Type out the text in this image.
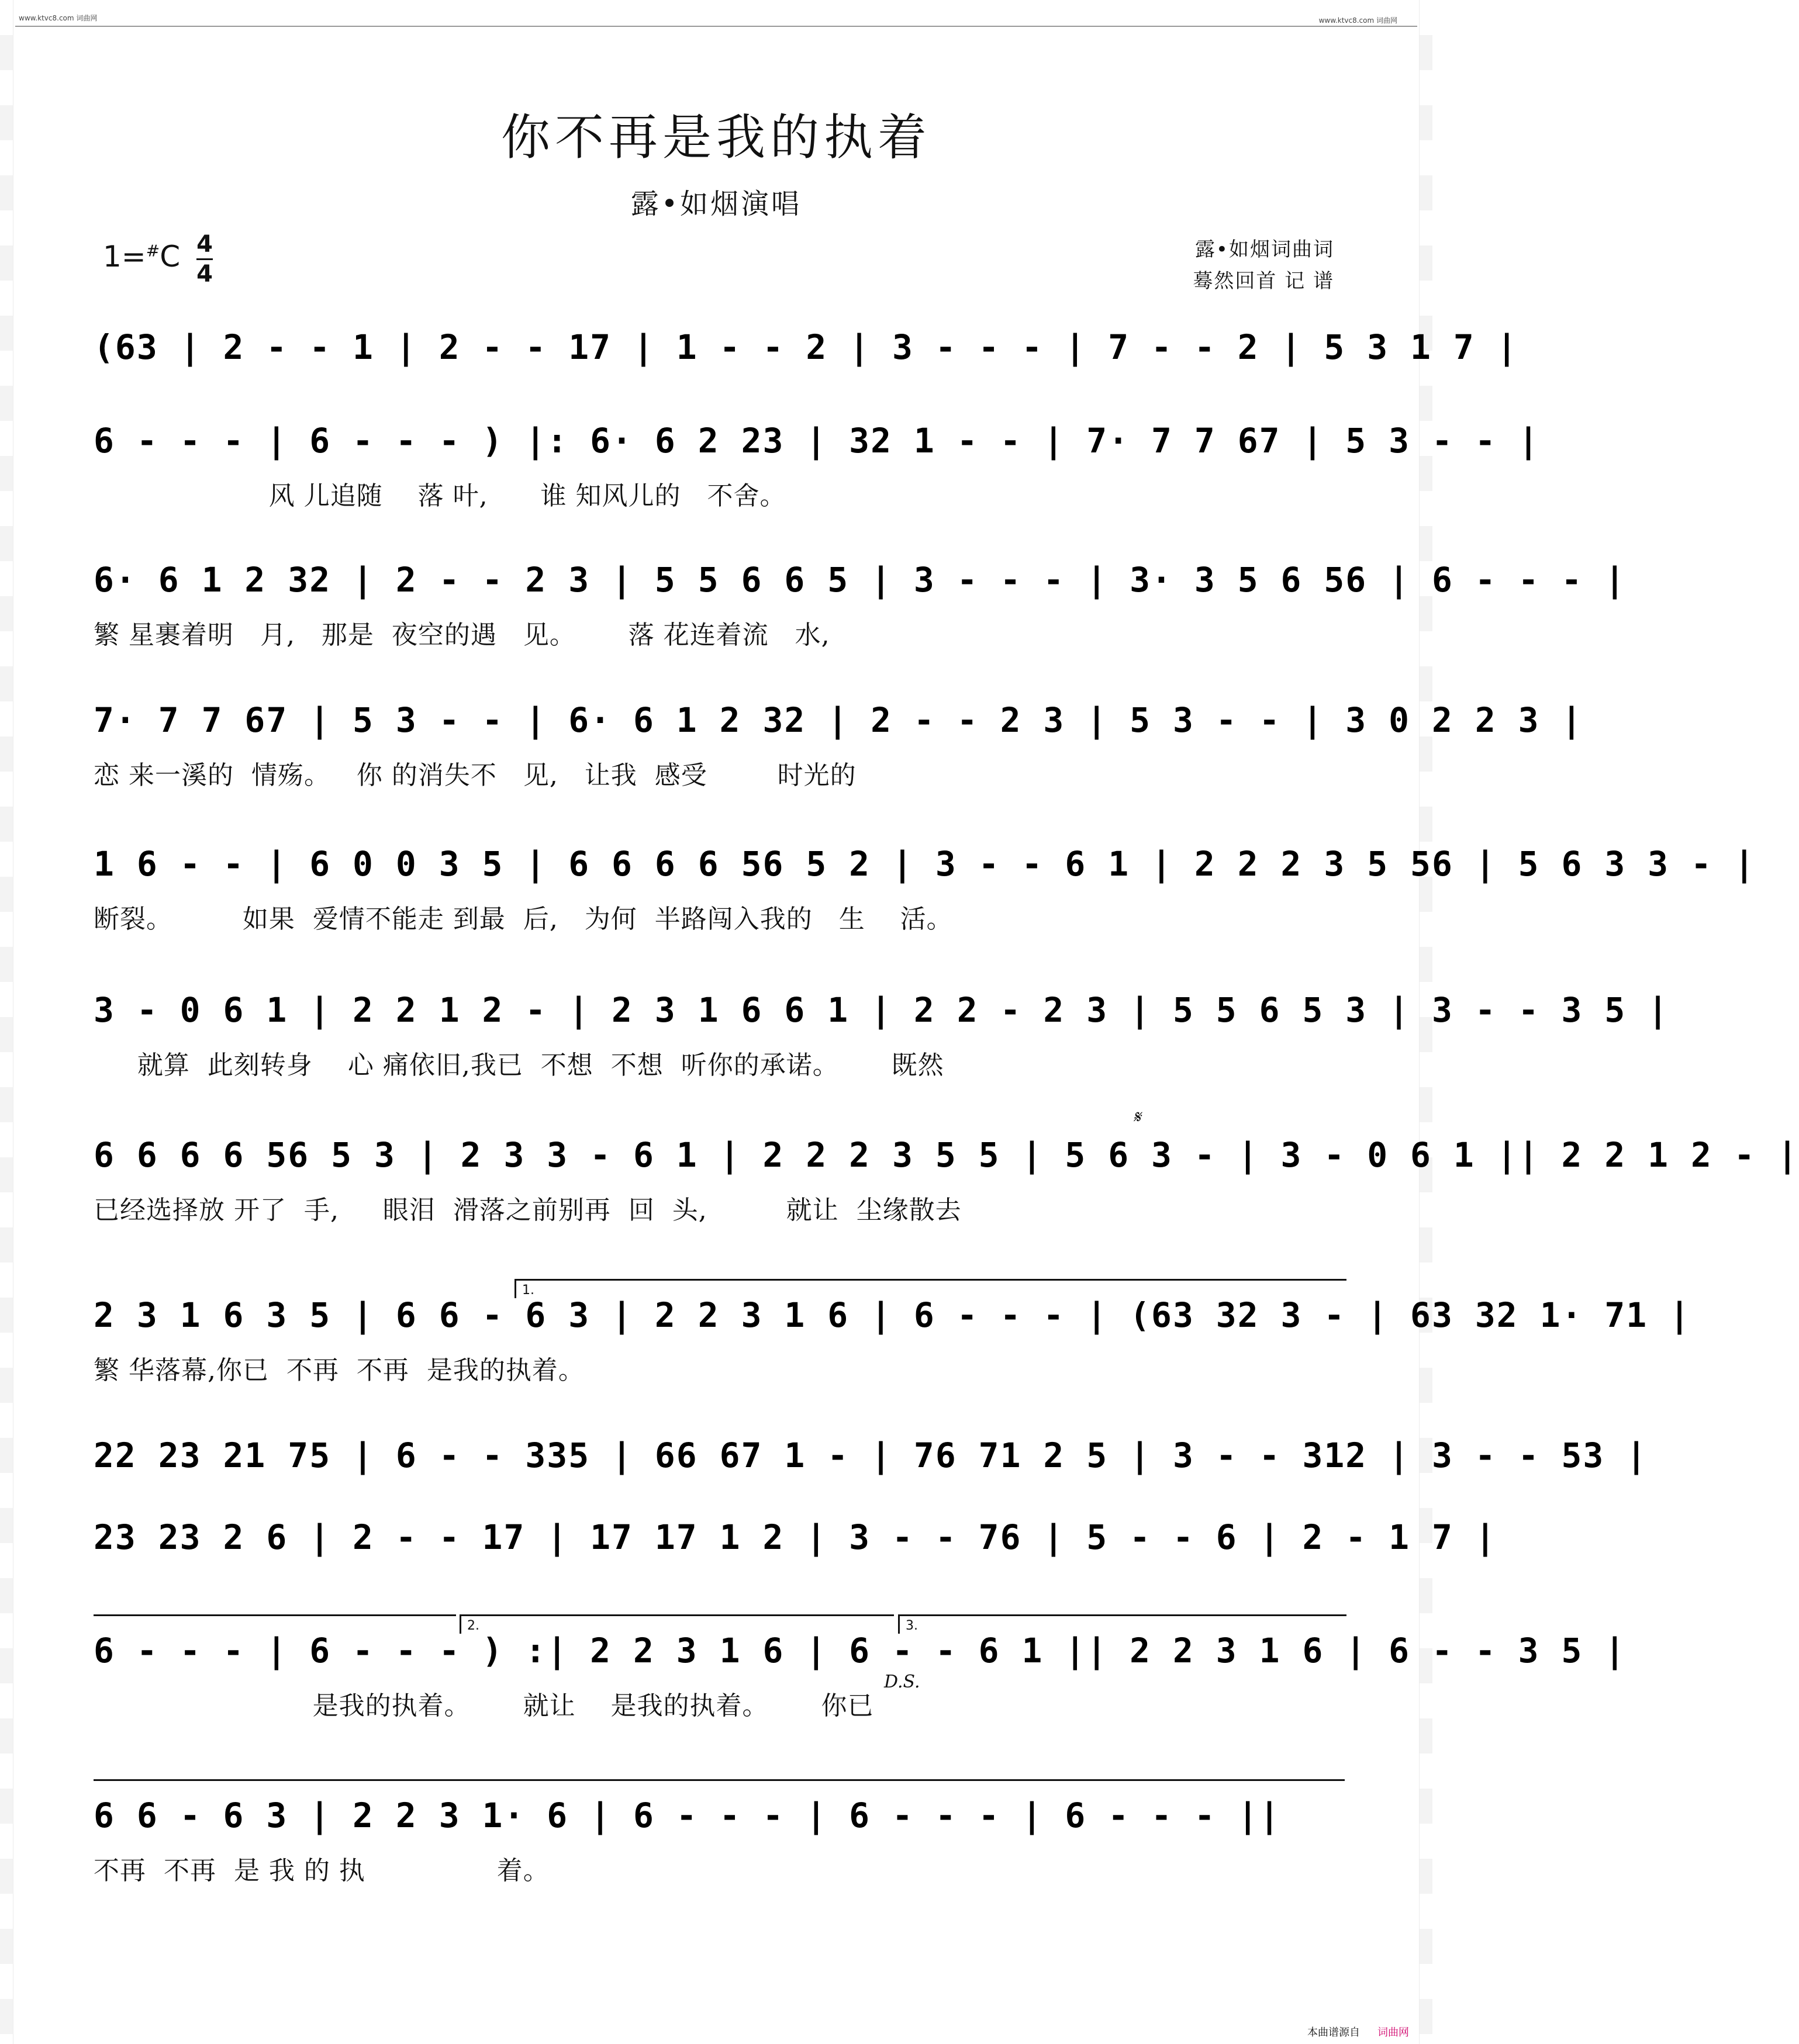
www.ktvc8.com 词曲网	www.ktvc8.com 词曲网
你不再是我的执着
露•如烟演唱
1=#C 4
4
露•如烟词曲词
蓦然回首 记 谱
(63 | 2 - - 1 | 2 - - 17 | 1 - - 2 | 3 - - - | 7 - - 2 | 5 3 1 7 |
6 - - - | 6 - - - ) |: 6· 6 2 23 | 32 1 - - | 7· 7 7 67 | 5 3 - - |
风 儿追随    落 叶,      谁 知风儿的   不舍。
6· 6 1 2 32 | 2 - - 2 3 | 5 5 6 6 5 | 3 - - - | 3· 3 5 6 56 | 6 - - - |
繁 星裹着明   月,   那是  夜空的遇   见。      落 花连着流   水,
7· 7 7 67 | 5 3 - - | 6· 6 1 2 32 | 2 - - 2 3 | 5 3 - - | 3 0 2 2 3 |
恋 来一溪的  情殇。   你 的消失不   见,   让我  感受        时光的
1 6 - - | 6 0 0 3 5 | 6 6 6 6 56 5 2 | 3 - - 6 1 | 2 2 2 3 5 56 | 5 6 3 3 - |
断裂。        如果  爱情不能走 到最  后,   为何  半路闯入我的   生    活。
3 - 0 6 1 | 2 2 1 2 - | 2 3 1 6 6 1 | 2 2 - 2 3 | 5 5 6 5 3 | 3 - - 3 5 |
就算  此刻转身    心 痛依旧,我已  不想  不想  听你的承诺。      既然
𝄋
6 6 6 6 56 5 3 | 2 3 3 - 6 1 | 2 2 2 3 5 5 | 5 6 3 - | 3 - 0 6 1 || 2 2 1 2 - |
已经选择放 开了  手,     眼泪  滑落之前别再  回  头,         就让  尘缘散去
1.
2 3 1 6 3 5 | 6 6 - 6 3 | 2 2 3 1 6 | 6 - - - | (63 32 3 - | 63 32 1· 71 |
繁 华落幕,你已  不再  不再  是我的执着。
22 23 21 75 | 6 - - 335 | 66 67 1 - | 76 71 2 5 | 3 - - 312 | 3 - - 53 |
23 23 2 6 | 2 - - 17 | 17 17 1 2 | 3 - - 76 | 5 - - 6 | 2 - 1 7 |
2.	3.
D.S.
6 - - - | 6 - - - ) :| 2 2 3 1 6 | 6 - - 6 1 || 2 2 3 1 6 | 6 - - 3 5 |
是我的执着。      就让    是我的执着。      你已
6 6 - 6 3 | 2 2 3 1· 6 | 6 - - - | 6 - - - | 6 - - - ||
不再  不再  是 我 的 执               着。
本曲谱源自 词曲网
